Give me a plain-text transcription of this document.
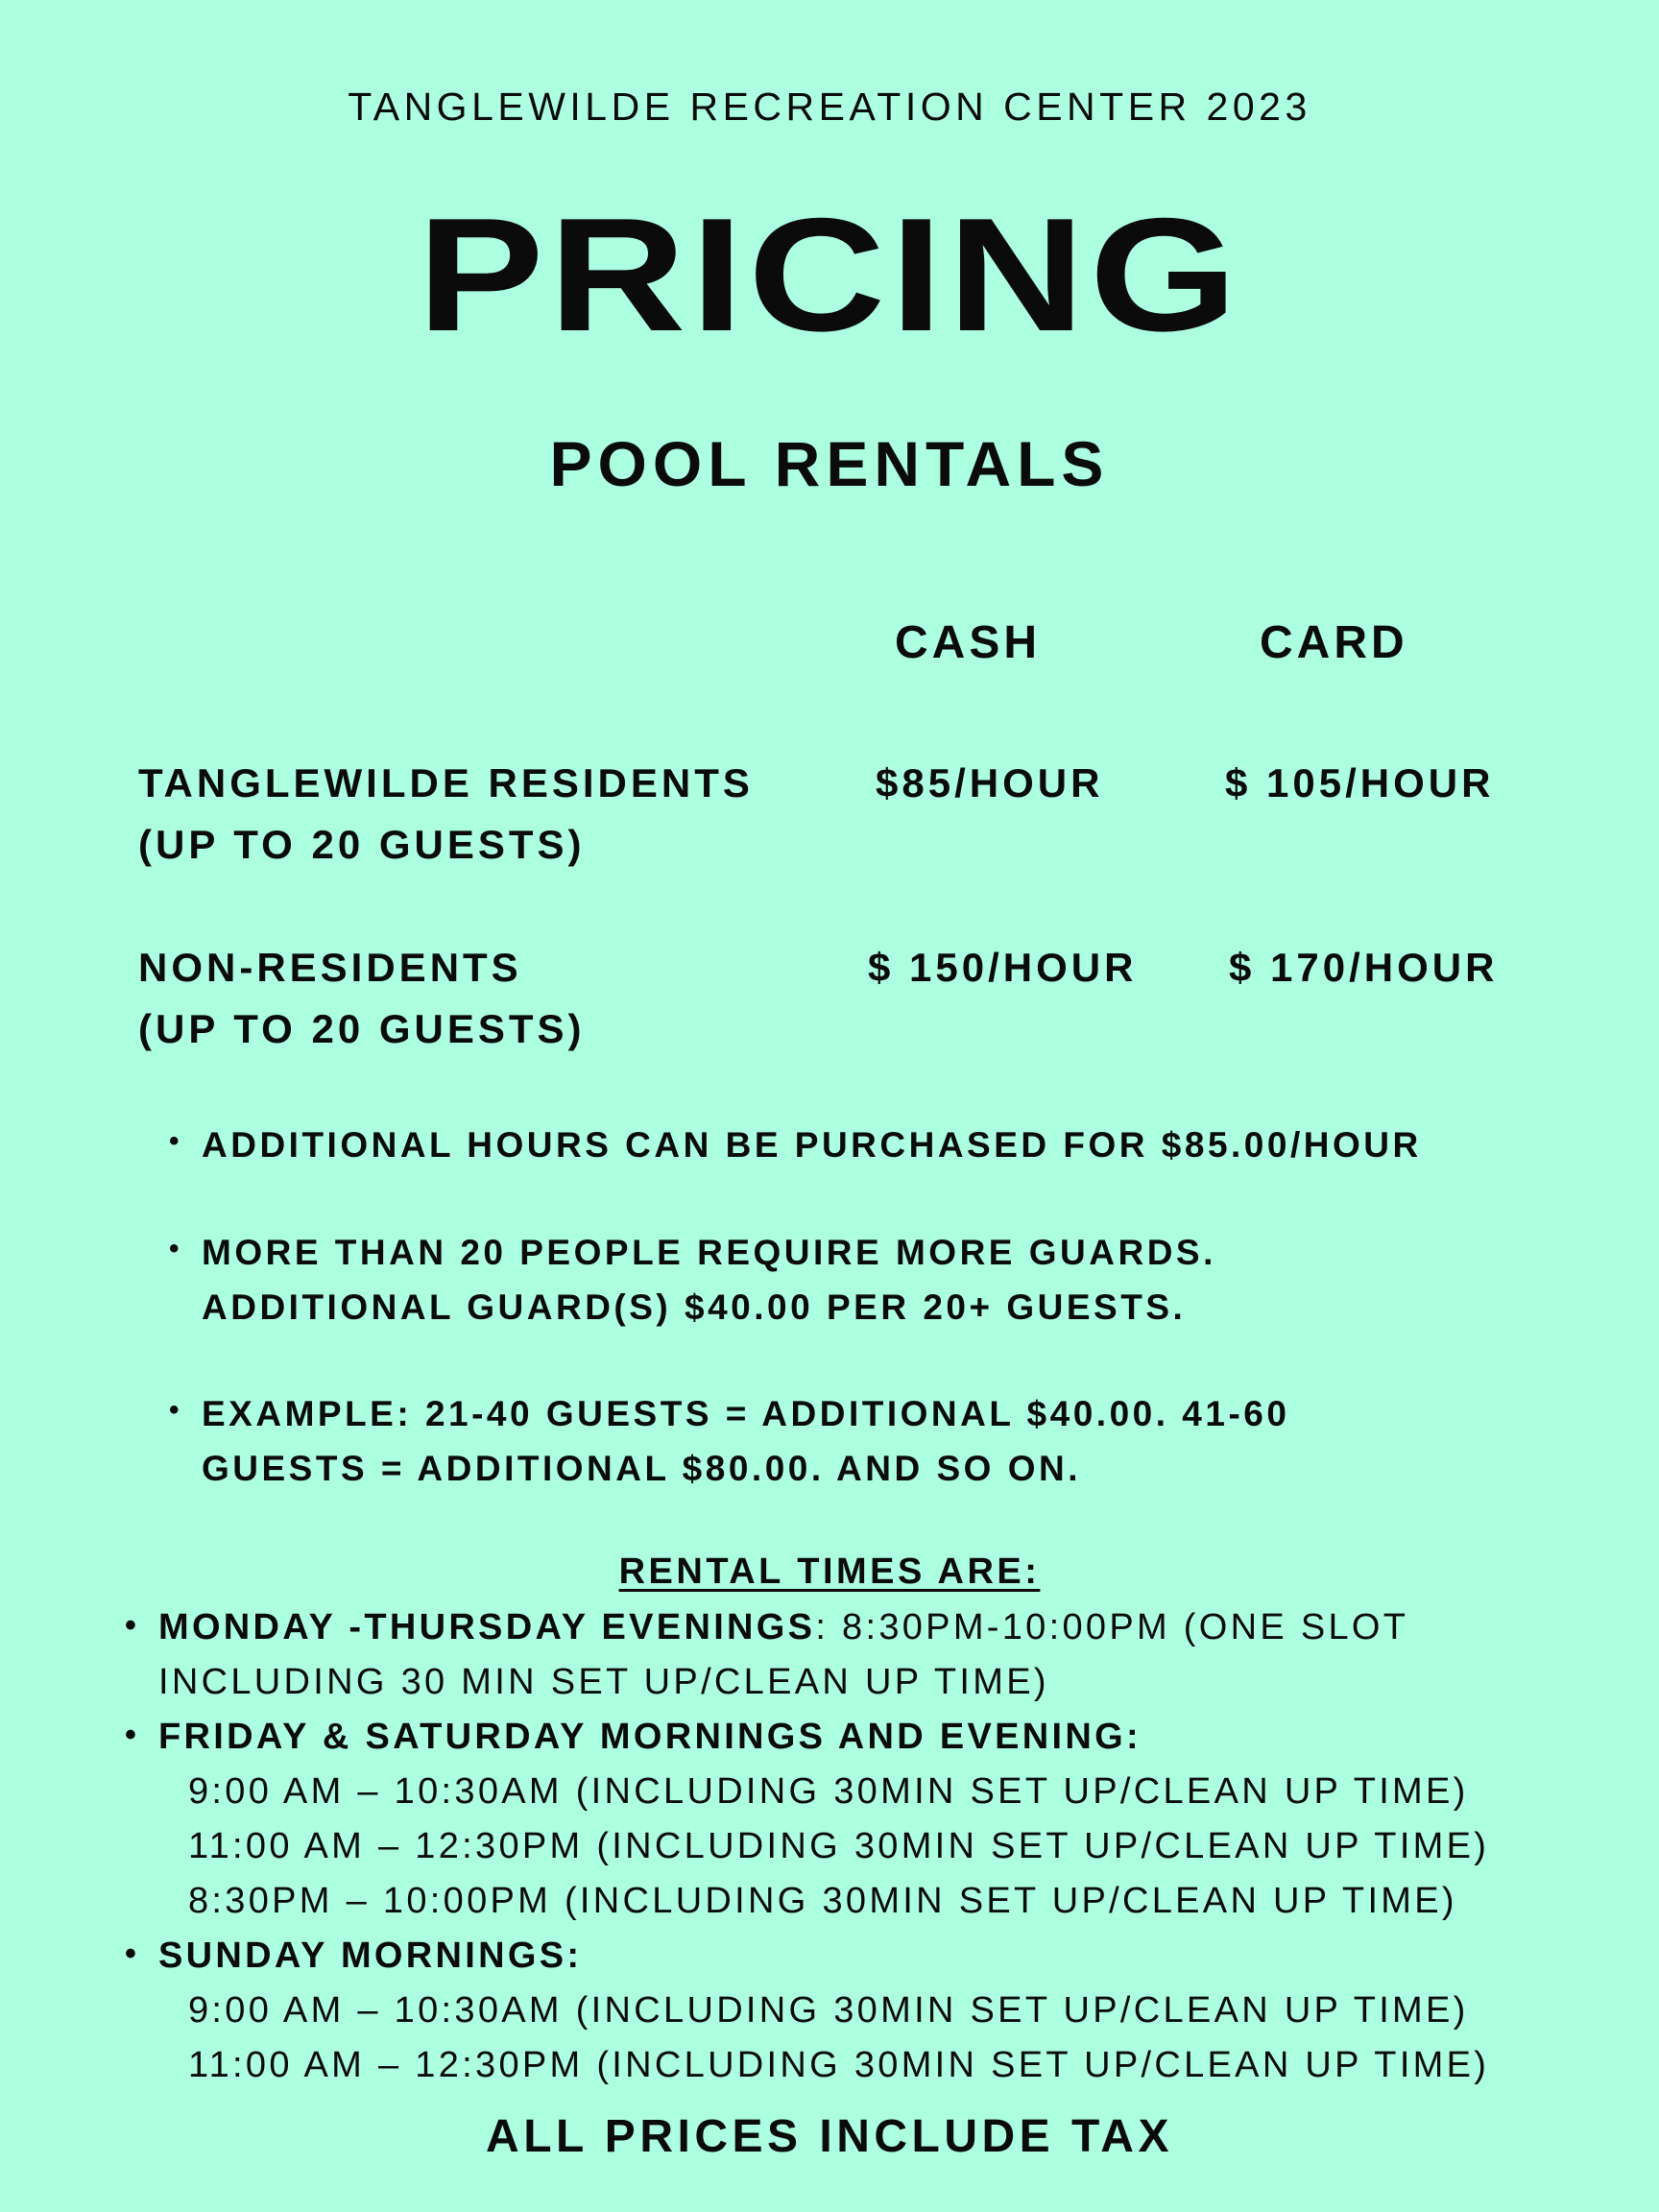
TANGLEWILDE RECREATION CENTER 2023
PRICING
POOL RENTALS
CASH	CARD
TANGLEWILDE RESIDENTS
(UP TO 20 GUESTS)
$85/HOUR	$ 105/HOUR
NON-RESIDENTS
(UP TO 20 GUESTS)
$ 150/HOUR $ 170/HOUR
• ADDITIONAL HOURS CAN BE PURCHASED FOR $85.00/HOUR
• MORE THAN 20 PEOPLE REQUIRE MORE GUARDS.
ADDITIONAL GUARD(S) $40.00 PER 20+ GUESTS.
• EXAMPLE: 21-40 GUESTS = ADDITIONAL $40.00. 41-60
GUESTS = ADDITIONAL $80.00. AND SO ON.
RENTAL TIMES ARE:
• MONDAY -THURSDAY EVENINGS: 8:30PM-10:00PM (ONE SLOT
INCLUDING 30 MIN SET UP/CLEAN UP TIME)
• FRIDAY & SATURDAY MORNINGS AND EVENING:
9:00 AM – 10:30AM (INCLUDING 30MIN SET UP/CLEAN UP TIME)
11:00 AM – 12:30PM (INCLUDING 30MIN SET UP/CLEAN UP TIME)
8:30PM – 10:00PM (INCLUDING 30MIN SET UP/CLEAN UP TIME)
• SUNDAY MORNINGS:
9:00 AM – 10:30AM (INCLUDING 30MIN SET UP/CLEAN UP TIME)
11:00 AM – 12:30PM (INCLUDING 30MIN SET UP/CLEAN UP TIME)
ALL PRICES INCLUDE TAX
